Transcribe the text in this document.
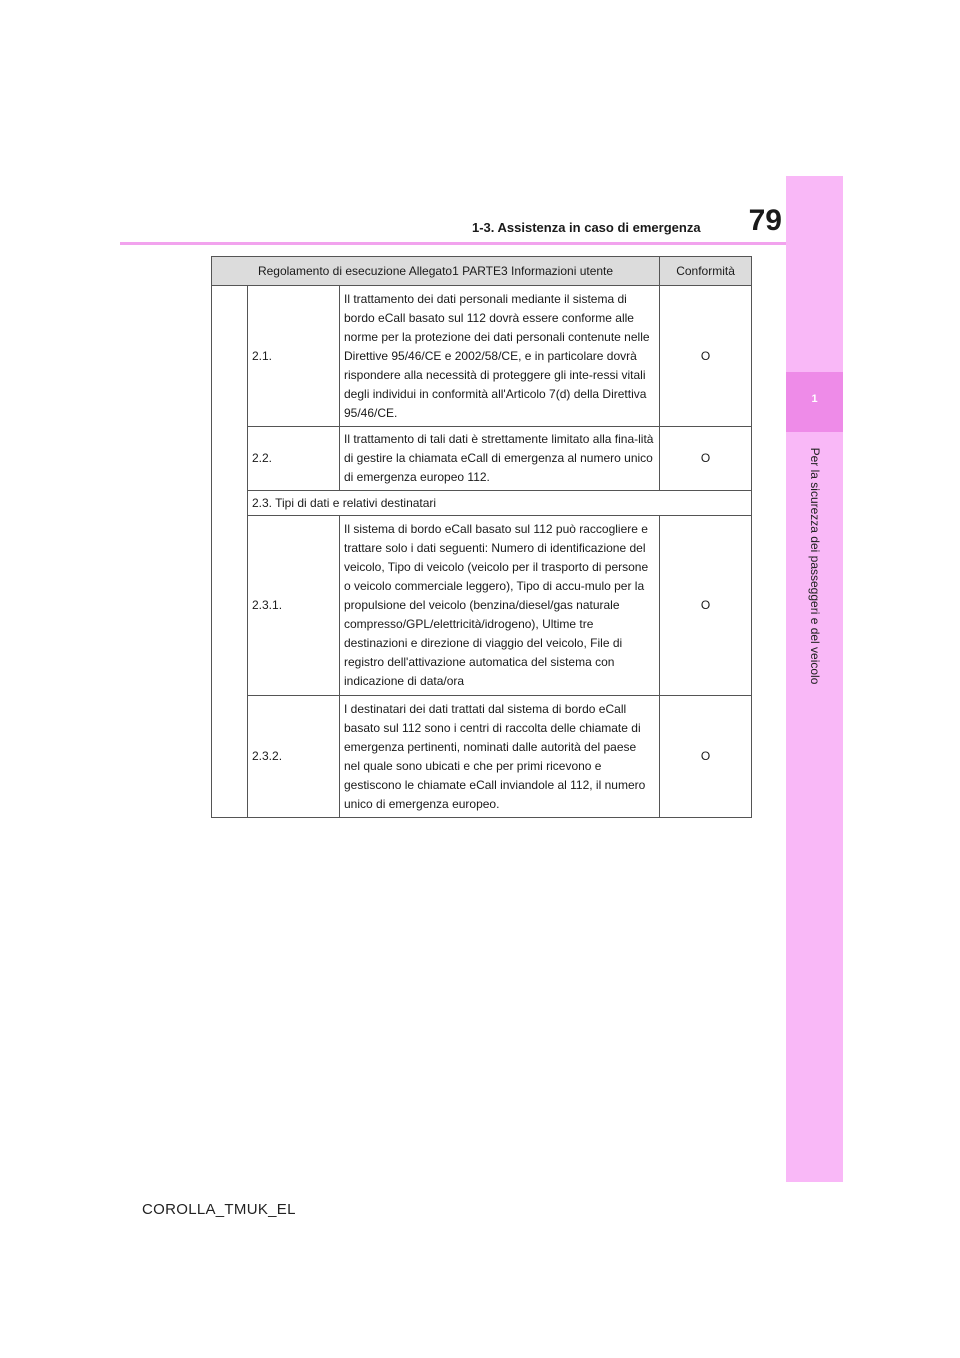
79
1-3. Assistenza in caso di emergenza
1
Per la sicurezza dei passeggeri e del veicolo
Regolamento di esecuzione Allegato1 PARTE3 Informazioni utente			Conformità
	2.1.	Il trattamento dei dati personali mediante il sistema di bordo eCall basato sul 112 dovrà essere conforme alle norme per la protezione dei dati personali contenute nelle Direttive 95/46/CE e 2002/58/CE, e in particolare dovrà rispondere alla necessità di proteggere gli inte-ressi vitali degli individui in conformità all'Articolo 7(d) della Direttiva 95/46/CE.	O
	2.2.	Il trattamento di tali dati è strettamente limitato alla fina-lità di gestire la chiamata eCall di emergenza al numero unico di emergenza europeo 112.	O
	2.3. Tipi di dati e relativi destinatari		
	2.3.1.	Il sistema di bordo eCall basato sul 112 può raccogliere e trattare solo i dati seguenti: Numero di identificazione del veicolo, Tipo di veicolo (veicolo per il trasporto di persone o veicolo commerciale leggero), Tipo di accu-mulo per la propulsione del veicolo (benzina/diesel/gas naturale compresso/GPL/elettricità/idrogeno), Ultime tre destinazioni e direzione di viaggio del veicolo, File di registro dell'attivazione automatica del sistema con indicazione di data/ora	O
	2.3.2.	I destinatari dei dati trattati dal sistema di bordo eCall basato sul 112 sono i centri di raccolta delle chiamate di emergenza pertinenti, nominati dalle autorità del paese nel quale sono ubicati e che per primi ricevono e gestiscono le chiamate eCall inviandole al 112, il numero unico di emergenza europeo.	O
COROLLA_TMUK_EL
